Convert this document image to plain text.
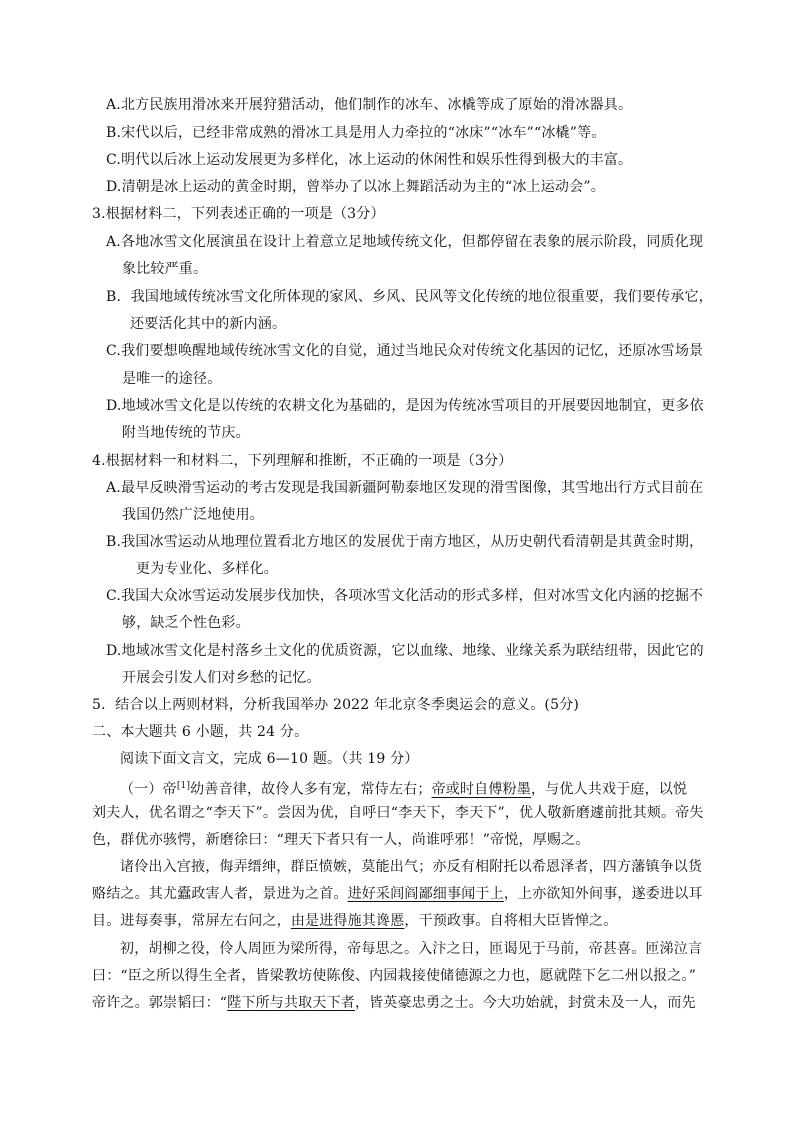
A.北方民族用滑冰来开展狩猎活动，他们制作的冰车、冰橇等成了原始的滑冰器具。
B.宋代以后，已经非常成熟的滑冰工具是用人力牵拉的“冰床”“冰车”“冰橇”等。
C.明代以后冰上运动发展更为多样化，冰上运动的休闲性和娱乐性得到极大的丰富。
D.清朝是冰上运动的黄金时期，曾举办了以冰上舞蹈活动为主的“冰上运动会”。
3.根据材料二，下列表述正确的一项是（3分）
A.各地冰雪文化展演虽在设计上着意立足地域传统文化，但都停留在表象的展示阶段，同质化现
象比较严重。
B．我国地域传统冰雪文化所体现的家风、乡风、民风等文化传统的地位很重要，我们要传承它，
还要活化其中的新内涵。
C.我们要想唤醒地域传统冰雪文化的自觉，通过当地民众对传统文化基因的记忆，还原冰雪场景
是唯一的途径。
D.地域冰雪文化是以传统的农耕文化为基础的，是因为传统冰雪项目的开展要因地制宜，更多依
附当地传统的节庆。
4.根据材料一和材料二，下列理解和推断，不正确的一项是（3分）
A.最早反映滑雪运动的考古发现是我国新疆阿勒泰地区发现的滑雪图像，其雪地出行方式目前在
我国仍然广泛地使用。
B.我国冰雪运动从地理位置看北方地区的发展优于南方地区，从历史朝代看清朝是其黄金时期，
更为专业化、多样化。
C.我国大众冰雪运动发展步伐加快，各项冰雪文化活动的形式多样，但对冰雪文化内涵的挖掘不
够，缺乏个性色彩。
D.地域冰雪文化是村落乡土文化的优质资源，它以血缘、地缘、业缘关系为联结纽带，因此它的
开展会引发人们对乡愁的记忆。
5．结合以上两则材料，分析我国举办 2022 年北京冬季奥运会的意义。(5分)
二、本大题共 6 小题，共 24 分。
阅读下面文言文，完成 6—10 题。（共 19 分）
（一）帝[1]幼善音律，故伶人多有宠，常侍左右；帝或时自傅粉墨，与优人共戏于庭，以悦
刘夫人，优名谓之“李天下”。尝因为优，自呼曰“李天下，李天下”，优人敬新磨遽前批其颊。帝失
色，群优亦骇愕，新磨徐曰：“理天下者只有一人，尚谁呼邪！”帝悦，厚赐之。
诸伶出入宫掖，侮弄缙绅，群臣愤嫉，莫能出气；亦反有相附托以希恩泽者，四方藩镇争以货
赂结之。其尤蠹政害人者，景进为之首。进好采闾阎鄙细事闻于上，上亦欲知外间事，遂委进以耳
目。进每奏事，常屏左右问之，由是进得施其谗慝，干预政事。自将相大臣皆惮之。
初，胡柳之役，伶人周匝为梁所得，帝每思之。入汴之日，匝谒见于马前，帝甚喜。匝涕泣言
曰：“臣之所以得生全者，皆梁教坊使陈俊、内园栽接使储德源之力也，愿就陛下乞二州以报之。”
帝许之。郭崇韬曰：“陛下所与共取天下者，皆英豪忠勇之士。今大功始就，封赏未及一人，而先
